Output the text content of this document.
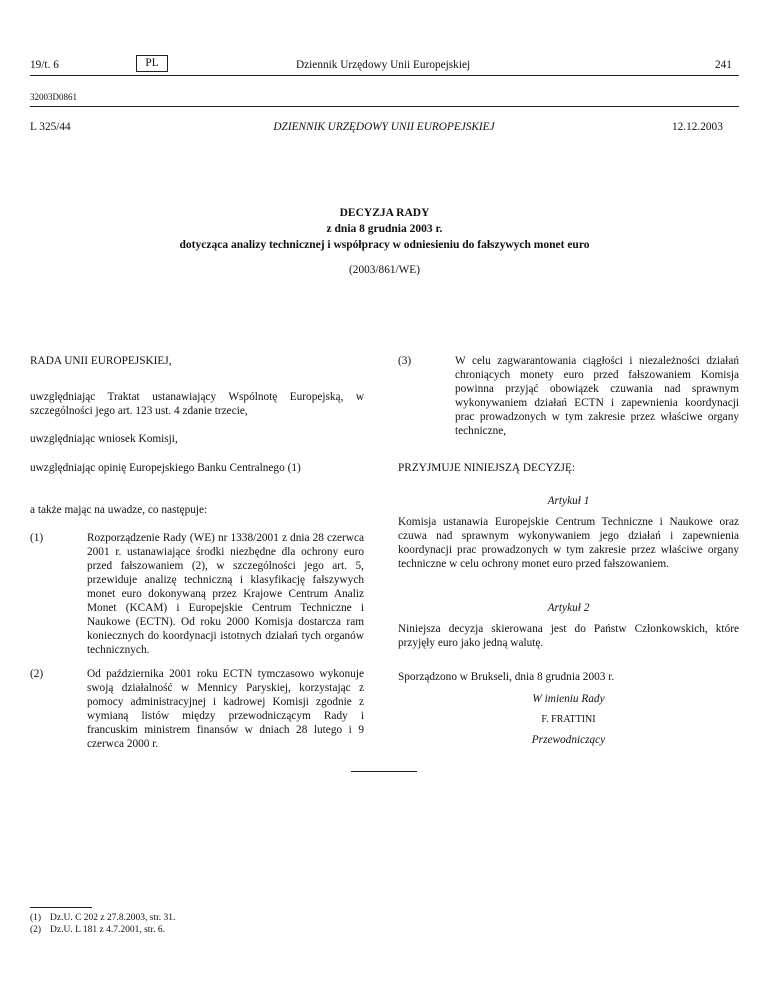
19/t. 6	PL	Dziennik Urzędowy Unii Europejskiej	241
32003D0861
L 325/44	DZIENNIK URZĘDOWY UNII EUROPEJSKIEJ	12.12.2003
DECYZJA RADY
z dnia 8 grudnia 2003 r.
dotycząca analizy technicznej i współpracy w odniesieniu do fałszywych monet euro
(2003/861/WE)
RADA UNII EUROPEJSKIEJ,
uwzględniając Traktat ustanawiający Wspólnotę Europejską, w szczególności jego art. 123 ust. 4 zdanie trzecie,
uwzględniając wniosek Komisji,
uwzględniając opinię Europejskiego Banku Centralnego (1)
a także mając na uwadze, co następuje:
(1)	Rozporządzenie Rady (WE) nr 1338/2001 z dnia 28 czerwca 2001 r. ustanawiające środki niezbędne dla ochrony euro przed fałszowaniem (2), w szczególności jego art. 5, przewiduje analizę techniczną i klasyfikację fałszywych monet euro dokonywaną przez Krajowe Centrum Analiz Monet (KCAM) i Europejskie Centrum Techniczne i Naukowe (ECTN). Od roku 2000 Komisja dostarcza ram koniecznych do koordynacji istotnych działań tych organów technicznych.
(2)	Od października 2001 roku ECTN tymczasowo wykonuje swoją działalność w Mennicy Paryskiej, korzystając z pomocy administracyjnej i kadrowej Komisji zgodnie z wymianą listów między przewodniczącym Rady i francuskim ministrem finansów w dniach 28 lutego i 9 czerwca 2000 r.
(3)	W celu zagwarantowania ciągłości i niezależności działań chroniących monety euro przed fałszowaniem Komisja powinna przyjąć obowiązek czuwania nad sprawnym wykonywaniem działań ECTN i zapewnienia koordynacji prac prowadzonych w tym zakresie przez właściwe organy techniczne,
PRZYJMUJE NINIEJSZĄ DECYZJĘ:
Artykuł 1
Komisja ustanawia Europejskie Centrum Techniczne i Naukowe oraz czuwa nad sprawnym wykonywaniem jego działań i zapewnienia koordynacji prac prowadzonych w tym zakresie przez właściwe organy techniczne w celu ochrony monet euro przed fałszowaniem.
Artykuł 2
Niniejsza decyzja skierowana jest do Państw Członkowskich, które przyjęły euro jako jedną walutę.
Sporządzono w Brukseli, dnia 8 grudnia 2003 r.
W imieniu Rady
F. FRATTINI
Przewodniczący
(1) Dz.U. C 202 z 27.8.2003, str. 31.
(2) Dz.U. L 181 z 4.7.2001, str. 6.
